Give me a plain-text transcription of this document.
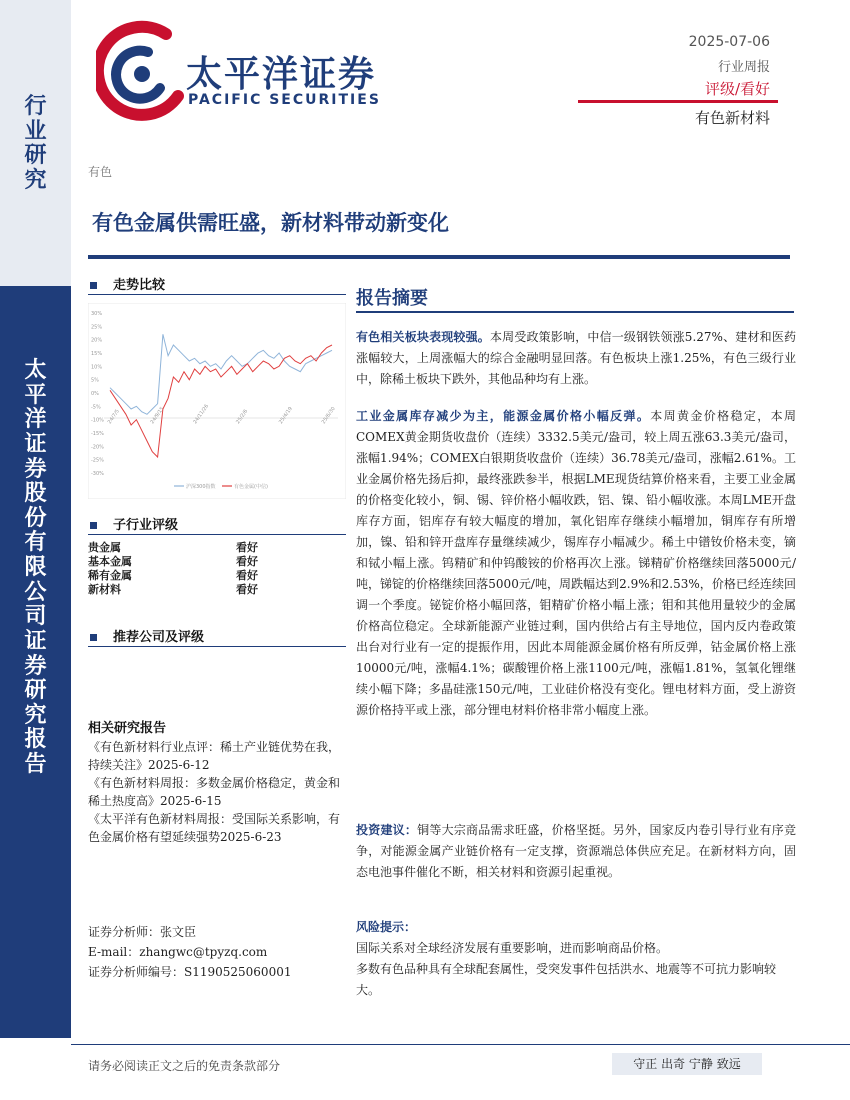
行
业
研
究
太
平
洋
证
券
股
份
有
限
公
司
证
券
研
究
报
告
太平洋证券
PACIFIC SECURITIES
2025-07-06
行业周报
评级/看好
有色新材料
有色
有色金属供需旺盛，新材料带动新变化
走势比较
30%
25%
20%
15%
10%
5%
0%
-5%
-10%
-15%
-20%
-25%
-30%
24/7/5	24/9/15	24/11/26	25/2/6	25/4/19	25/6/30
沪深300指数	有色金属(中信)
子行业评级
贵金属	看好
基本金属	看好
稀有金属	看好
新材料	看好
推荐公司及评级
相关研究报告
《有色新材料行业点评：稀土产业链优势在我，持续关注》2025-6-12
《有色新材料周报：多数金属价格稳定，黄金和稀土热度高》2025-6-15
《太平洋有色新材料周报：受国际关系影响，有色金属价格有望延续强势2025-6-23
证券分析师：张文臣
E-mail：zhangwc@tpyzq.com
证券分析师编号：S1190525060001
报告摘要
有色相关板块表现较强。本周受政策影响，中信一级钢铁领涨5.27%、建材和医药涨幅较大，上周涨幅大的综合金融明显回落。有色板块上涨1.25%，有色三级行业中，除稀土板块下跌外，其他品种均有上涨。
工业金属库存减少为主，能源金属价格小幅反弹。本周黄金价格稳定，本周COMEX黄金期货收盘价（连续）3332.5美元/盎司，较上周五涨63.3美元/盎司，涨幅1.94%；COMEX白银期货收盘价（连续）36.78美元/盎司，涨幅2.61%。工业金属价格先扬后抑，最终涨跌参半，根据LME现货结算价格来看，主要工业金属的价格变化较小，铜、锡、锌价格小幅收跌，铝、镍、铅小幅收涨。本周LME开盘库存方面，铝库存有较大幅度的增加，氧化铝库存继续小幅增加，铜库存有所增加，镍、铅和锌开盘库存量继续减少，锡库存小幅减少。稀土中镨钕价格未变，镝和铽小幅上涨。钨精矿和仲钨酸铵的价格再次上涨。锑精矿价格继续回落5000元/吨，锑锭的价格继续回落5000元/吨，周跌幅达到2.9%和2.53%，价格已经连续回调一个季度。铋锭价格小幅回落，钼精矿价格小幅上涨；钼和其他用量较少的金属价格高位稳定。全球新能源产业链过剩，国内供给占有主导地位，国内反内卷政策出台对行业有一定的提振作用，因此本周能源金属价格有所反弹，钴金属价格上涨10000元/吨，涨幅4.1%；碳酸锂价格上涨1100元/吨，涨幅1.81%，氢氧化锂继续小幅下降；多晶硅涨150元/吨，工业硅价格没有变化。锂电材料方面，受上游资源价格持平或上涨，部分锂电材料价格非常小幅度上涨。
投资建议：铜等大宗商品需求旺盛，价格坚挺。另外，国家反内卷引导行业有序竞争，对能源金属产业链价格有一定支撑，资源端总体供应充足。在新材料方向，固态电池事件催化不断，相关材料和资源引起重视。
风险提示：
国际关系对全球经济发展有重要影响，进而影响商品价格。
多数有色品种具有全球配套属性，受突发事件包括洪水、地震等不可抗力影响较大。
请务必阅读正文之后的免责条款部分	守正 出奇 宁静 致远
